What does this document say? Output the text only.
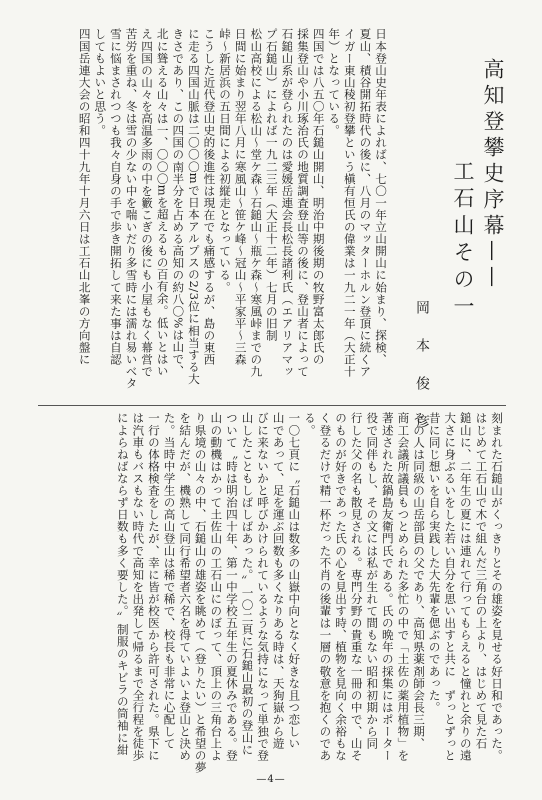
高知登攀史序幕——
工石山その一
岡　本　俊　彦

日本登山史年表によれば、七〇一年立山開山に始まり、探検、

夏山、積谷開拓時代の後に、八月のマッターホルン登頂に続くア

イガー東山稜初登攀という槇有恒氏の偉業は一九二一年（大正十

年）となっている。

四国では八五〇年石鎚山開山、明治中期後期の牧野富太郎氏の

採集登山や小川琢治氏の地質調査登山等の後に、登山者によって

石鎚山系が登られたのは愛媛岳連会長松長諸利氏（エアリアマッ

プ石鎚山）によれば一九二三年（大正十二年）七月の旧制

松山高校による松山～堂ケ森～石鎚山～瓶ケ森～寒風峠までの九

日間に始まり翌年八月に寒風山～笹ケ峰～冠山～平家平～三森

峠～新居浜の五日間による初縦走となっている。

こうした近代登山史的後進性は現在でも痛感するが、島の東西

に走る四国山脈は二〇〇〇mで日本アルプスの2/3位に相当する大

きさであり、この四国の南半分を占める高知の約八〇%は山で、

北に聳える山々は一、〇〇〇mを超えるもの百有余。低いとはい

え四国の山々を高温多雨の中を籔こぎの後にも小屋もなく幕営で

苦労を重ね、冬は雪の少ない中を喘いだり多雪時には濡れ易いベタ

雪に悩まされつつも我々自身の手で歩き開拓して来た事は自認

してもよいと思う。

四国岳連大会の昭和四十九年十月六日は工石山北峯の方向盤に

刻まれた石鎚山がくっきりとその雄姿を見せる好日和であった。

はじめて工石山で木で組んだ三角台の上より、はじめて見た石

鎚山に、二年生の夏には連れて行ってもらえると憧れと余りの遠

大さに身ぶるいをした若い自分を思い出すと共に　ずっとずっと

昔に同じ想いを自ら実践した大先輩を偲ぶのであった。

その人は同級の山岳部員の父であり、高知県薬剤師会長三期、

商工会議所議員もつとめられた多忙の中で「土佐の薬用植物」を

著述された故鍋島友衛門氏である。氏の晩年の採集にはポーター

役で同伴もし、その文には私が生れて間もない昭和初期から同

行した父の名も散見される。専門分野の貴重な一冊の中で、山そ

のものが好きであった氏の心を見出す時、植物を見向く余裕もな

く登るだけで精一杯だった不肖の後輩は一層の敬意を抱くのであ

る。

一〇七頁に〝石鎚山は数多の山嶽中向となく好きな且つ恋しい

山であって、足を運ぶ回数も多くなりある時は、天狗嶽から遊

びに来ないかと呼びかけられているような気持になって単独で登

山したこともしばしばあった。〟一〇二頁に石鎚山最初の登山に

ついて〝時は明治四十年、第一中学校五年生の夏休みである。登

山の動機はかって土佐山の工石山にのぼって、頂上の三角台上よ

り県境の山々の中、石鎚山の雄姿を眺めて（登りたい）と希望の夢

を結んだが、機熟して同行希望者六名を得ていよいよ登山と決め

た。当時中学生の高山登山は稀で稀で、校長も非常に心配して

一行の体格検査をしたが、幸に皆が校医から許可された。県下に

は汽車もバスもない時代で高知を出発して帰るまで全行程を徒歩

によらねばならず日数も多く要した。〟制服のキビラの筒袖に紺

—4—
